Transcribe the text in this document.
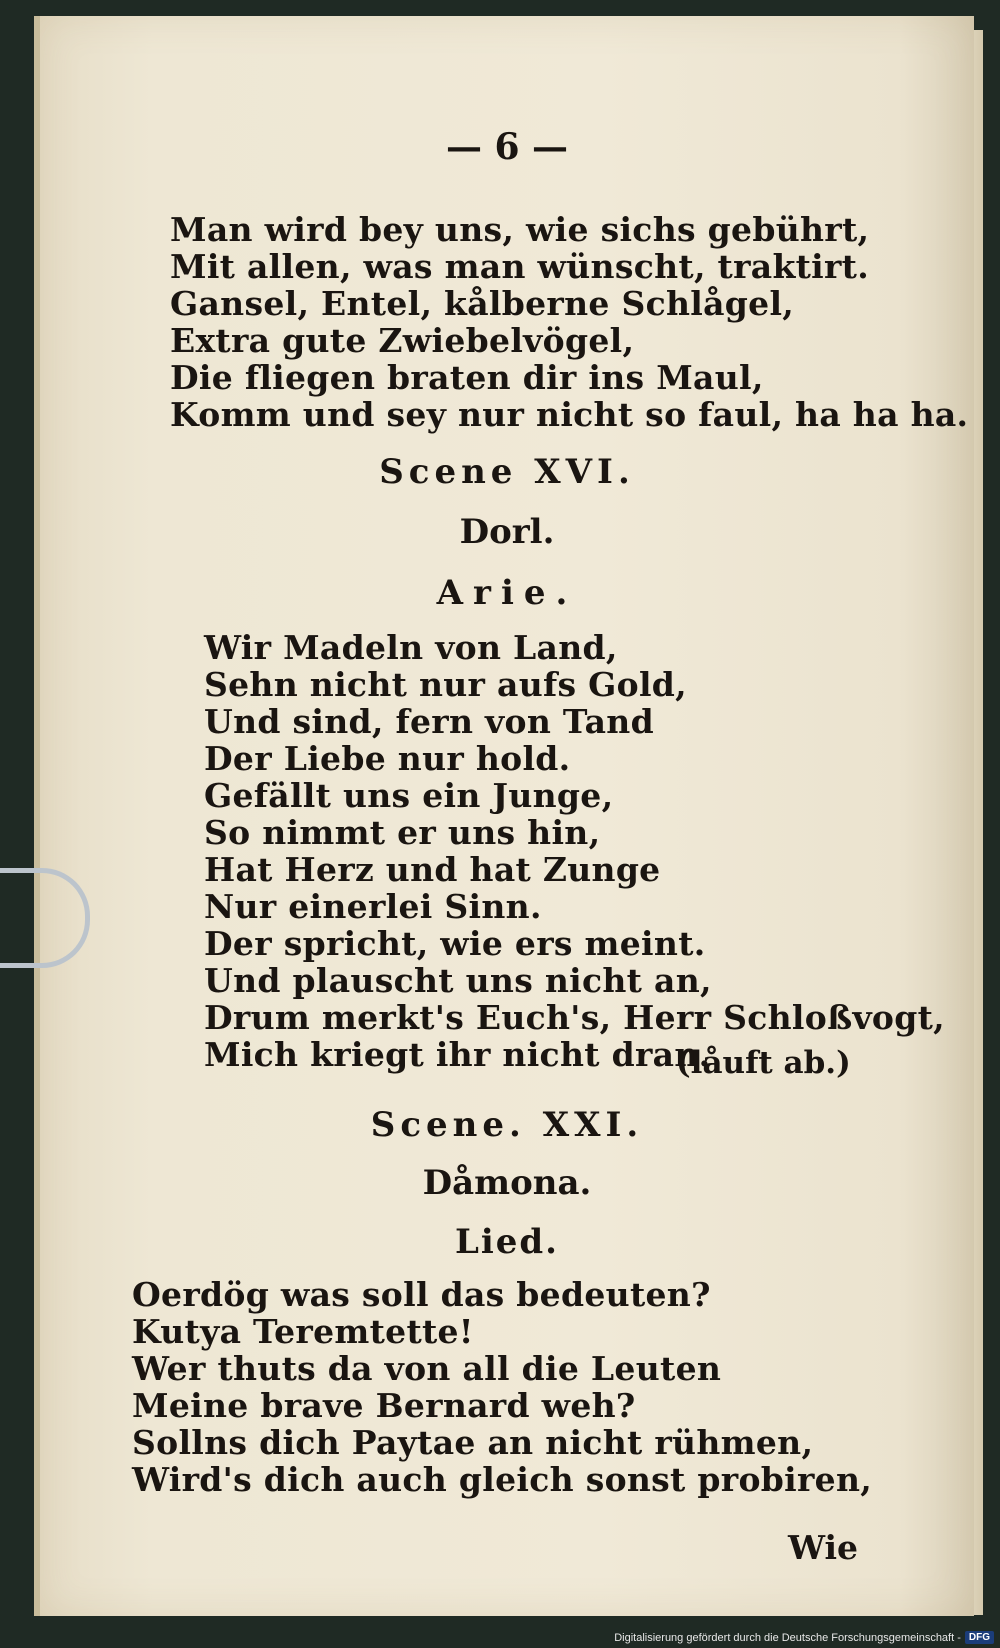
— 6 —
Man wird bey uns, wie sichs gebührt,
Mit allen, was man wünscht, traktirt.
Gansel, Entel, kålberne Schlågel,
Extra gute Zwiebelvögel,
Die fliegen braten dir ins Maul,
Komm und sey nur nicht so faul, ha ha ha.
Scene XVI.
Dorl.
Arie.
Wir Madeln von Land,
Sehn nicht nur aufs Gold,
Und sind, fern von Tand
Der Liebe nur hold.
Gefällt uns ein Junge,
So nimmt er uns hin,
Hat Herz und hat Zunge
Nur einerlei Sinn.
Der spricht, wie ers meint.
Und plauscht uns nicht an,
Drum merkt's Euch's, Herr Schloßvogt,
Mich kriegt ihr nicht dran.
(låuft ab.)
Scene. XXI.
Dåmona.
Lied.
Oerdög was soll das bedeuten?
Kutya Teremtette!
Wer thuts da von all die Leuten
Meine brave Bernard weh?
Sollns dich Paytae an nicht rühmen,
Wird's dich auch gleich sonst probiren,
Wie
Digitalisierung gefördert durch die Deutsche Forschungsgemeinschaft - DFG
